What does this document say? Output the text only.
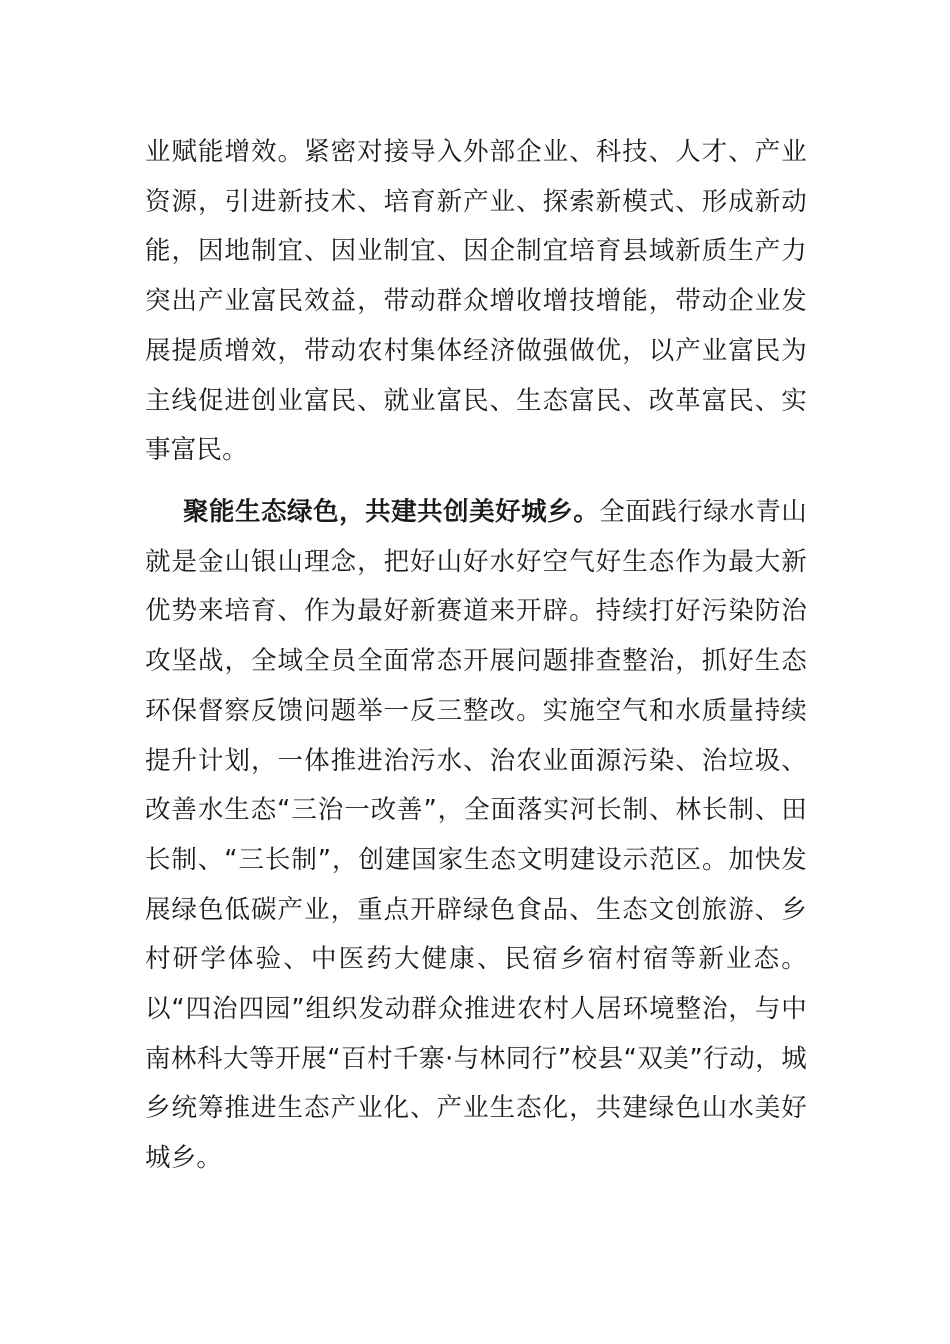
业赋能增效。紧密对接导入外部企业、科技、人才、产业资源，引进新技术、培育新产业、探索新模式、形成新动能，因地制宜、因业制宜、因企制宜培育县域新质生产力突出产业富民效益，带动群众增收增技增能，带动企业发展提质增效，带动农村集体经济做强做优，以产业富民为主线促进创业富民、就业富民、生态富民、改革富民、实事富民。

聚能生态绿色，共建共创美好城乡。全面践行绿水青山就是金山银山理念，把好山好水好空气好生态作为最大新优势来培育、作为最好新赛道来开辟。持续打好污染防治攻坚战，全域全员全面常态开展问题排查整治，抓好生态环保督察反馈问题举一反三整改。实施空气和水质量持续提升计划，一体推进治污水、治农业面源污染、治垃圾、改善水生态“三治一改善”，全面落实河长制、林长制、田长制、“三长制”，创建国家生态文明建设示范区。加快发展绿色低碳产业，重点开辟绿色食品、生态文创旅游、乡村研学体验、中医药大健康、民宿乡宿村宿等新业态。以“四治四园”组织发动群众推进农村人居环境整治，与中南林科大等开展“百村千寨·与林同行”校县“双美”行动，城乡统筹推进生态产业化、产业生态化，共建绿色山水美好城乡。
